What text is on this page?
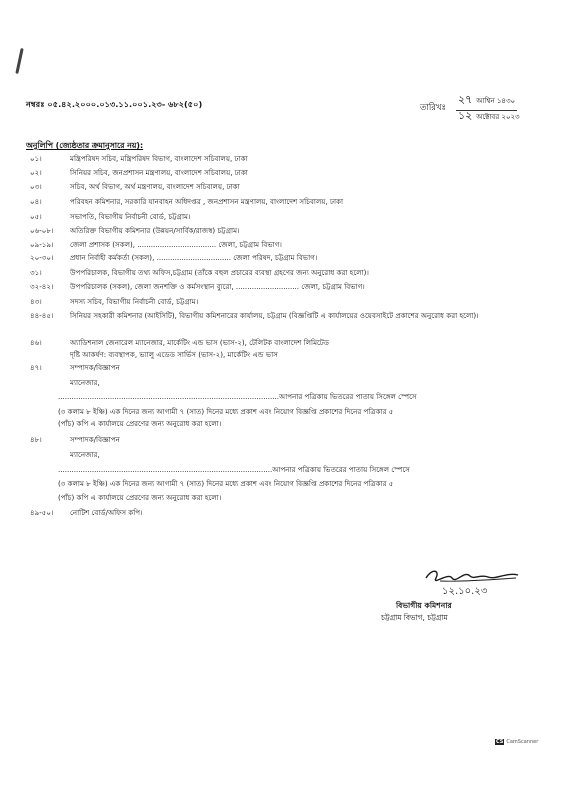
নম্বরঃ ০৫.৪২.২০০০.০১৩.১১.০০১.২৩- ৬৮২(৫০)	তারিখঃ
২৭ আশ্বিন ১৪৩০
১২ অক্টোবর ২০২৩
অনুলিপি (জ্যেষ্ঠতার ক্রমানুসারে নয়):
০১।	মন্ত্রিপরিষদ সচিব, মন্ত্রিপরিষদ বিভাগ, বাংলাদেশ সচিবালয়, ঢাকা
০২।	সিনিয়র সচিব, জনপ্রশাসন মন্ত্রণালয়, বাংলাদেশ সচিবালয়, ঢাকা
০৩।	সচিব, অর্থ বিভাগ, অর্থ মন্ত্রণালয়, বাংলাদেশ সচিবালয়, ঢাকা
০৪।	পরিবহন কমিশনার, সরকারি যানবাহন অধিদপ্তর , জনপ্রশাসন মন্ত্রণালয়, বাংলাদেশ সচিবালয়, ঢাকা
০৫।	সভাপতি, বিভাগীয় নির্বাচনী বোর্ড, চট্টগ্রাম।
০৬-০৮।	অতিরিক্ত বিভাগীয় কমিশনার (উন্নয়ন/সার্বিক/রাজস্ব) চট্টগ্রাম।
০৯-১৯।	জেলা প্রশাসক (সকল), ................................... জেলা, চট্টগ্রাম বিভাগ।
২০-৩০।	প্রধান নির্বাহী কর্মকর্তা (সকল), ................................. জেলা পরিষদ, চট্টগ্রাম বিভাগ।
৩১।	উপপরিচালক, বিভাগীয় তথ্য অফিস,চট্টগ্রাম (তাঁকে বহুল প্রচারের ব্যবস্থা গ্রহণের জন্য অনুরোধ করা হলো)।
৩২-৪২।	উপপরিচালক (সকল), জেলা জনশক্তি ও কর্মসংস্থান ব্যুরো, ............................ জেলা, চট্টগ্রাম বিভাগ।
৪৩।	সদস্য সচিব, বিভাগীয় নির্বাচনী বোর্ড, চট্টগ্রাম।
৪৪-৪৫।	সিনিয়র সহকারী কমিশনার (আইসিটি), বিভাগীয় কমিশনারের কার্যালয়, চট্টগ্রাম (বিজ্ঞপ্তিটি এ কার্যালয়ের ওয়েবসাইটে প্রকাশের অনুরোধ করা হলো)।
৪৬।	অ্যাডিশনাল জেনারেল ম্যানেজার, মার্কেটিং এন্ড ভাস (ভাস-২), টেলিটক বাংলাদেশ লিমিটেড
দৃষ্টি আকর্ষণ: ব্যবস্থাপক, ভ্যালু এডেড সার্ভিস (ভাস-২), মার্কেটিং এন্ড ভাস
৪৭।	সম্পাদক/বিজ্ঞাপন
ম্যানেজার,
..................................................................................................আপনার পত্রিকায় ভিতরের পাতায় সিঙ্গেল স্পেসে
(৩ কলাম ৮ ইঞ্চি) এক দিনের জন্য আগামী ৭ (সাত) দিনের মধ্যে প্রকাশ এবং নিয়োগ বিজ্ঞপ্তি প্রকাশের দিনের পত্রিকার ৫
(পাঁচ) কপি এ কার্যালয়ে প্রেরণের জন্য অনুরোধ করা হলো।
৪৮।	সম্পাদক/বিজ্ঞাপন
ম্যানেজার,
...............................................................................................আপনার পত্রিকায় ভিতরের পাতায় সিঙ্গেল স্পেসে
(৩ কলাম ৮ ইঞ্চি) এক দিনের জন্য আগামী ৭ (সাত) দিনের মধ্যে প্রকাশ এবং নিয়োগ বিজ্ঞপ্তি প্রকাশের দিনের পত্রিকার ৫
(পাঁচ) কপি এ কার্যালয়ে প্রেরণের জন্য অনুরোধ করা হলো।
৪৯-৫০।	নোটিশ বোর্ড/অফিস কপি।
১২.১০.২৩
বিভাগীয় কমিশনার
চট্টগ্রাম বিভাগ, চট্টগ্রাম
CS CamScanner
